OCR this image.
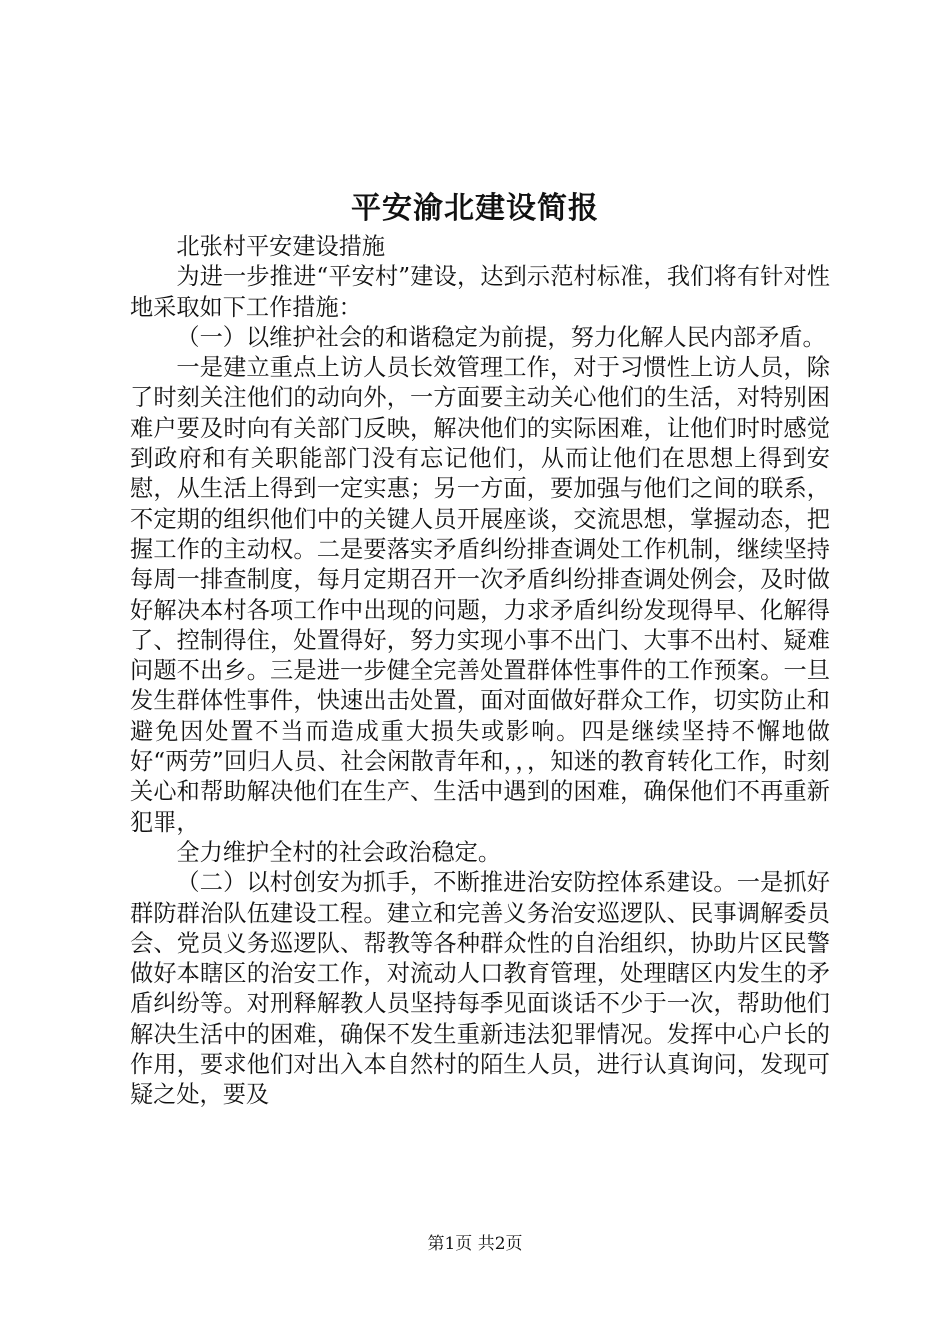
平安渝北建设简报

北张村平安建设措施

为进一步推进“平安村”建设，达到示范村标准，我们将有针对性地采取如下工作措施：

（一）以维护社会的和谐稳定为前提，努力化解人民内部矛盾。

一是建立重点上访人员长效管理工作，对于习惯性上访人员，除了时刻关注他们的动向外，一方面要主动关心他们的生活，对特别困难户要及时向有关部门反映，解决他们的实际困难，让他们时时感觉到政府和有关职能部门没有忘记他们，从而让他们在思想上得到安慰，从生活上得到一定实惠；另一方面，要加强与他们之间的联系，不定期的组织他们中的关键人员开展座谈，交流思想，掌握动态，把握工作的主动权。二是要落实矛盾纠纷排查调处工作机制，继续坚持每周一排查制度，每月定期召开一次矛盾纠纷排查调处例会，及时做好解决本村各项工作中出现的问题，力求矛盾纠纷发现得早、化解得了、控制得住，处置得好，努力实现小事不出门、大事不出村、疑难问题不出乡。三是进一步健全完善处置群体性事件的工作预案。一旦发生群体性事件，快速出击处置，面对面做好群众工作，切实防止和避免因处置不当而造成重大损失或影响。四是继续坚持不懈地做好“两劳”回归人员、社会闲散青年和，，，知迷的教育转化工作，时刻关心和帮助解决他们在生产、生活中遇到的困难，确保他们不再重新犯罪，

全力维护全村的社会政治稳定。

（二）以村创安为抓手，不断推进治安防控体系建设。一是抓好群防群治队伍建设工程。建立和完善义务治安巡逻队、民事调解委员会、党员义务巡逻队、帮教等各种群众性的自治组织，协助片区民警做好本瞎区的治安工作，对流动人口教育管理，处理瞎区内发生的矛盾纠纷等。对刑释解教人员坚持每季见面谈话不少于一次，帮助他们解决生活中的困难，确保不发生重新违法犯罪情况。发挥中心户长的作用，要求他们对出入本自然村的陌生人员，进行认真询问，发现可疑之处，要及

第1页 共2页
